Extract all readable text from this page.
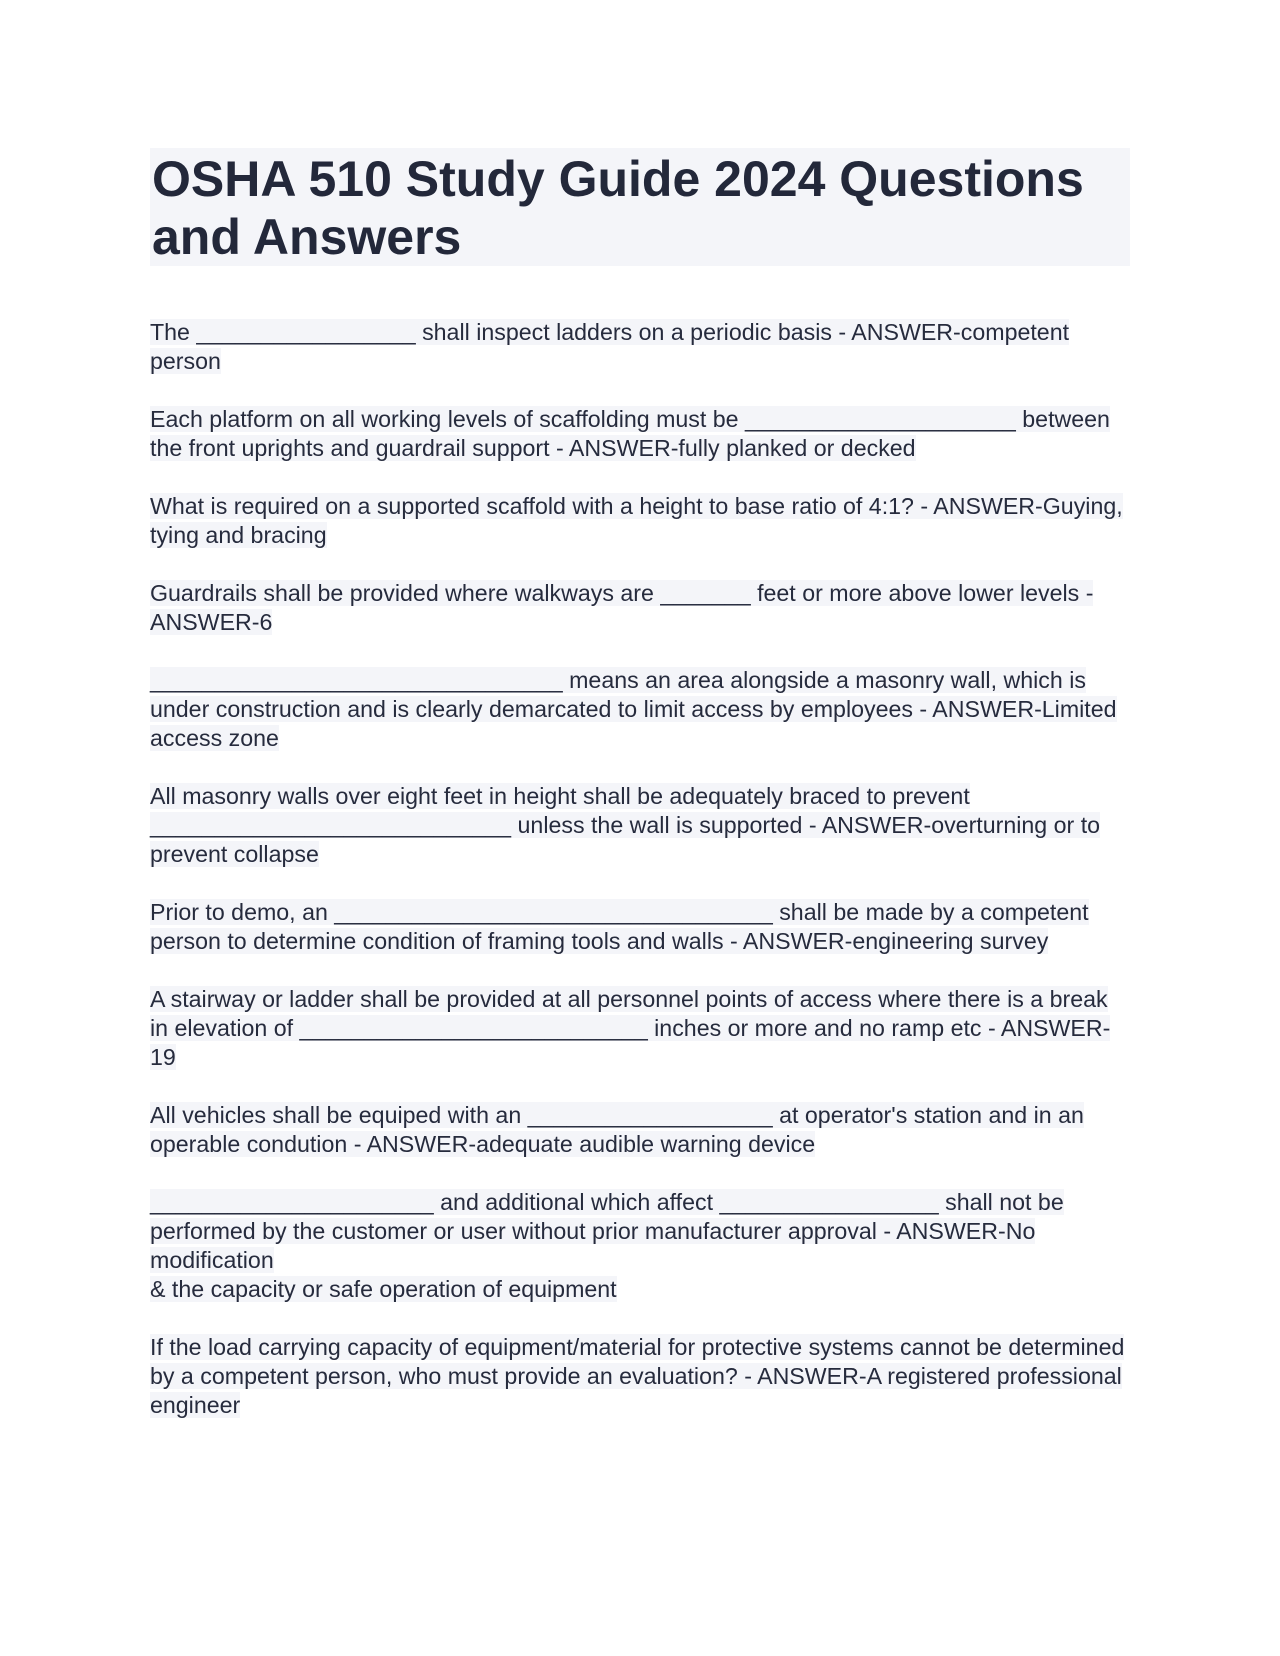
OSHA 510 Study Guide 2024 Questions and Answers

The _________________ shall inspect ladders on a periodic basis - ANSWER-competent person

Each platform on all working levels of scaffolding must be _____________________ between the front uprights and guardrail support - ANSWER-fully planked or decked

What is required on a supported scaffold with a height to base ratio of 4:1? - ANSWER-Guying, tying and bracing

Guardrails shall be provided where walkways are _______ feet or more above lower levels - ANSWER-6

________________________________ means an area alongside a masonry wall, which is under construction and is clearly demarcated to limit access by employees - ANSWER-Limited access zone

All masonry walls over eight feet in height shall be adequately braced to prevent ____________________________ unless the wall is supported - ANSWER-overturning or to prevent collapse

Prior to demo, an __________________________________ shall be made by a competent person to determine condition of framing tools and walls - ANSWER-engineering survey

A stairway or ladder shall be provided at all personnel points of access where there is a break in elevation of ___________________________ inches or more and no ramp etc - ANSWER-19

All vehicles shall be equiped with an ___________________ at operator's station and in an operable condution - ANSWER-adequate audible warning device

______________________ and additional which affect _________________ shall not be performed by the customer or user without prior manufacturer approval - ANSWER-No modification
& the capacity or safe operation of equipment

If the load carrying capacity of equipment/material for protective systems cannot be determined by a competent person, who must provide an evaluation? - ANSWER-A registered professional engineer
